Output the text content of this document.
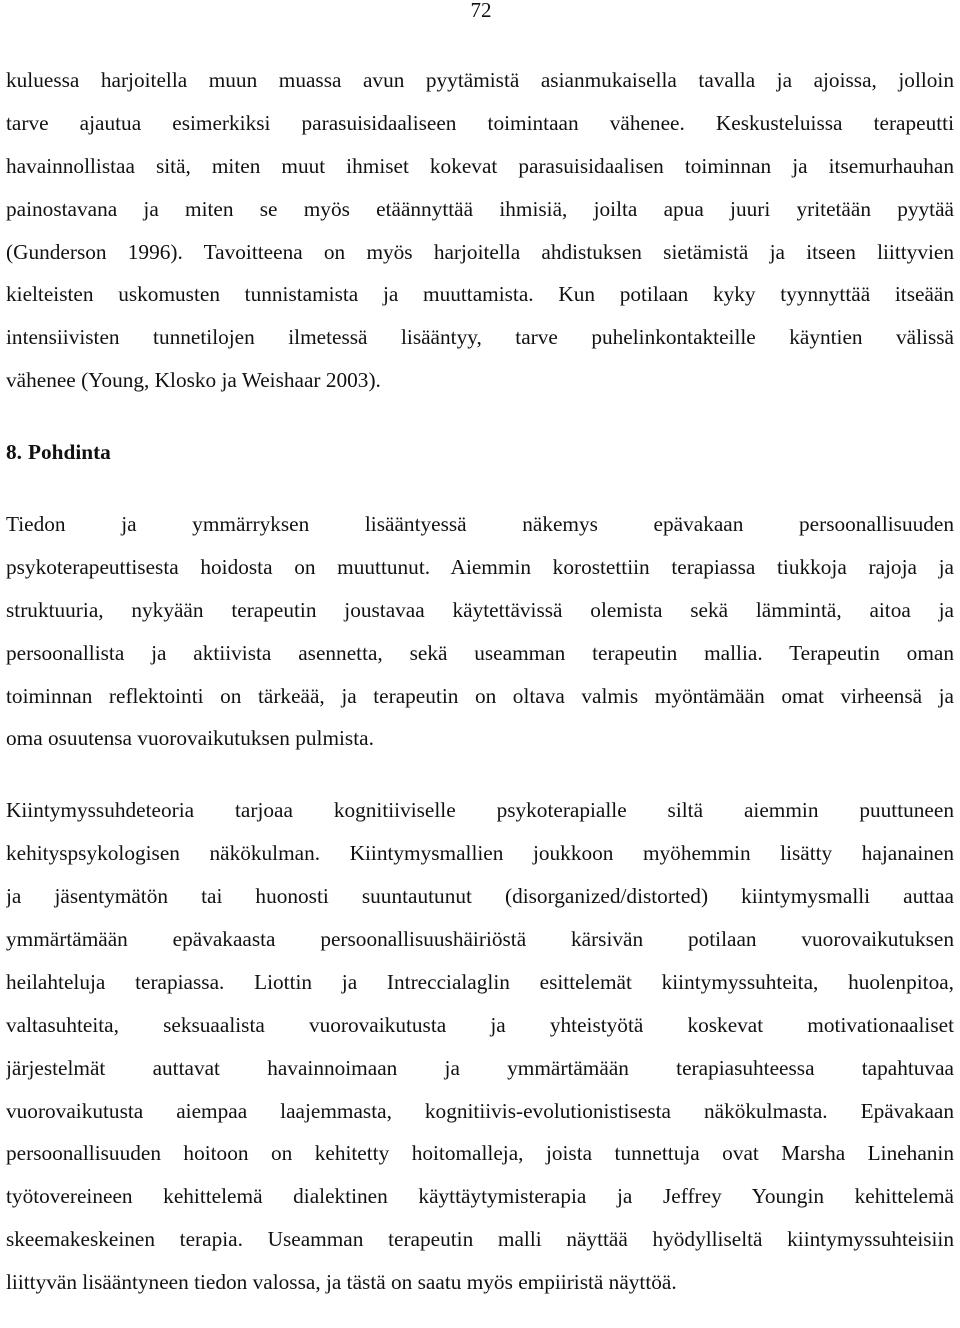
72
kuluessa harjoitella muun muassa avun pyytämistä asianmukaisella tavalla ja ajoissa, jolloin
tarve ajautua esimerkiksi parasuisidaaliseen toimintaan vähenee. Keskusteluissa terapeutti
havainnollistaa sitä, miten muut ihmiset kokevat parasuisidaalisen toiminnan ja itsemurhauhan
painostavana ja miten se myös etäännyttää ihmisiä, joilta apua juuri yritetään pyytää
(Gunderson 1996). Tavoitteena on myös harjoitella ahdistuksen sietämistä ja itseen liittyvien
kielteisten uskomusten tunnistamista ja muuttamista. Kun potilaan kyky tyynnyttää itseään
intensiivisten tunnetilojen ilmetessä lisääntyy, tarve puhelinkontakteille käyntien välissä
vähenee (Young, Klosko ja Weishaar 2003).
8. Pohdinta
Tiedon ja ymmärryksen lisääntyessä näkemys epävakaan persoonallisuuden
psykoterapeuttisesta hoidosta on muuttunut. Aiemmin korostettiin terapiassa tiukkoja rajoja ja
struktuuria, nykyään terapeutin joustavaa käytettävissä olemista sekä lämmintä, aitoa ja
persoonallista ja aktiivista asennetta, sekä useamman terapeutin mallia. Terapeutin oman
toiminnan reflektointi on tärkeää, ja terapeutin on oltava valmis myöntämään omat virheensä ja
oma osuutensa vuorovaikutuksen pulmista.
Kiintymyssuhdeteoria tarjoaa kognitiiviselle psykoterapialle siltä aiemmin puuttuneen
kehityspsykologisen näkökulman. Kiintymysmallien joukkoon myöhemmin lisätty hajanainen
ja jäsentymätön tai huonosti suuntautunut (disorganized/distorted) kiintymysmalli auttaa
ymmärtämään epävakaasta persoonallisuushäiriöstä kärsivän potilaan vuorovaikutuksen
heilahteluja terapiassa. Liottin ja Intreccialaglin esittelemät kiintymyssuhteita, huolenpitoa,
valtasuhteita, seksuaalista vuorovaikutusta ja yhteistyötä koskevat motivationaaliset
järjestelmät auttavat havainnoimaan ja ymmärtämään terapiasuhteessa tapahtuvaa
vuorovaikutusta aiempaa laajemmasta, kognitiivis-evolutionistisesta näkökulmasta. Epävakaan
persoonallisuuden hoitoon on kehitetty hoitomalleja, joista tunnettuja ovat Marsha Linehanin
työtovereineen kehittelemä dialektinen käyttäytymisterapia ja Jeffrey Youngin kehittelemä
skeemakeskeinen terapia. Useamman terapeutin malli näyttää hyödylliseltä kiintymyssuhteisiin
liittyvän lisääntyneen tiedon valossa, ja tästä on saatu myös empiiristä näyttöä.
